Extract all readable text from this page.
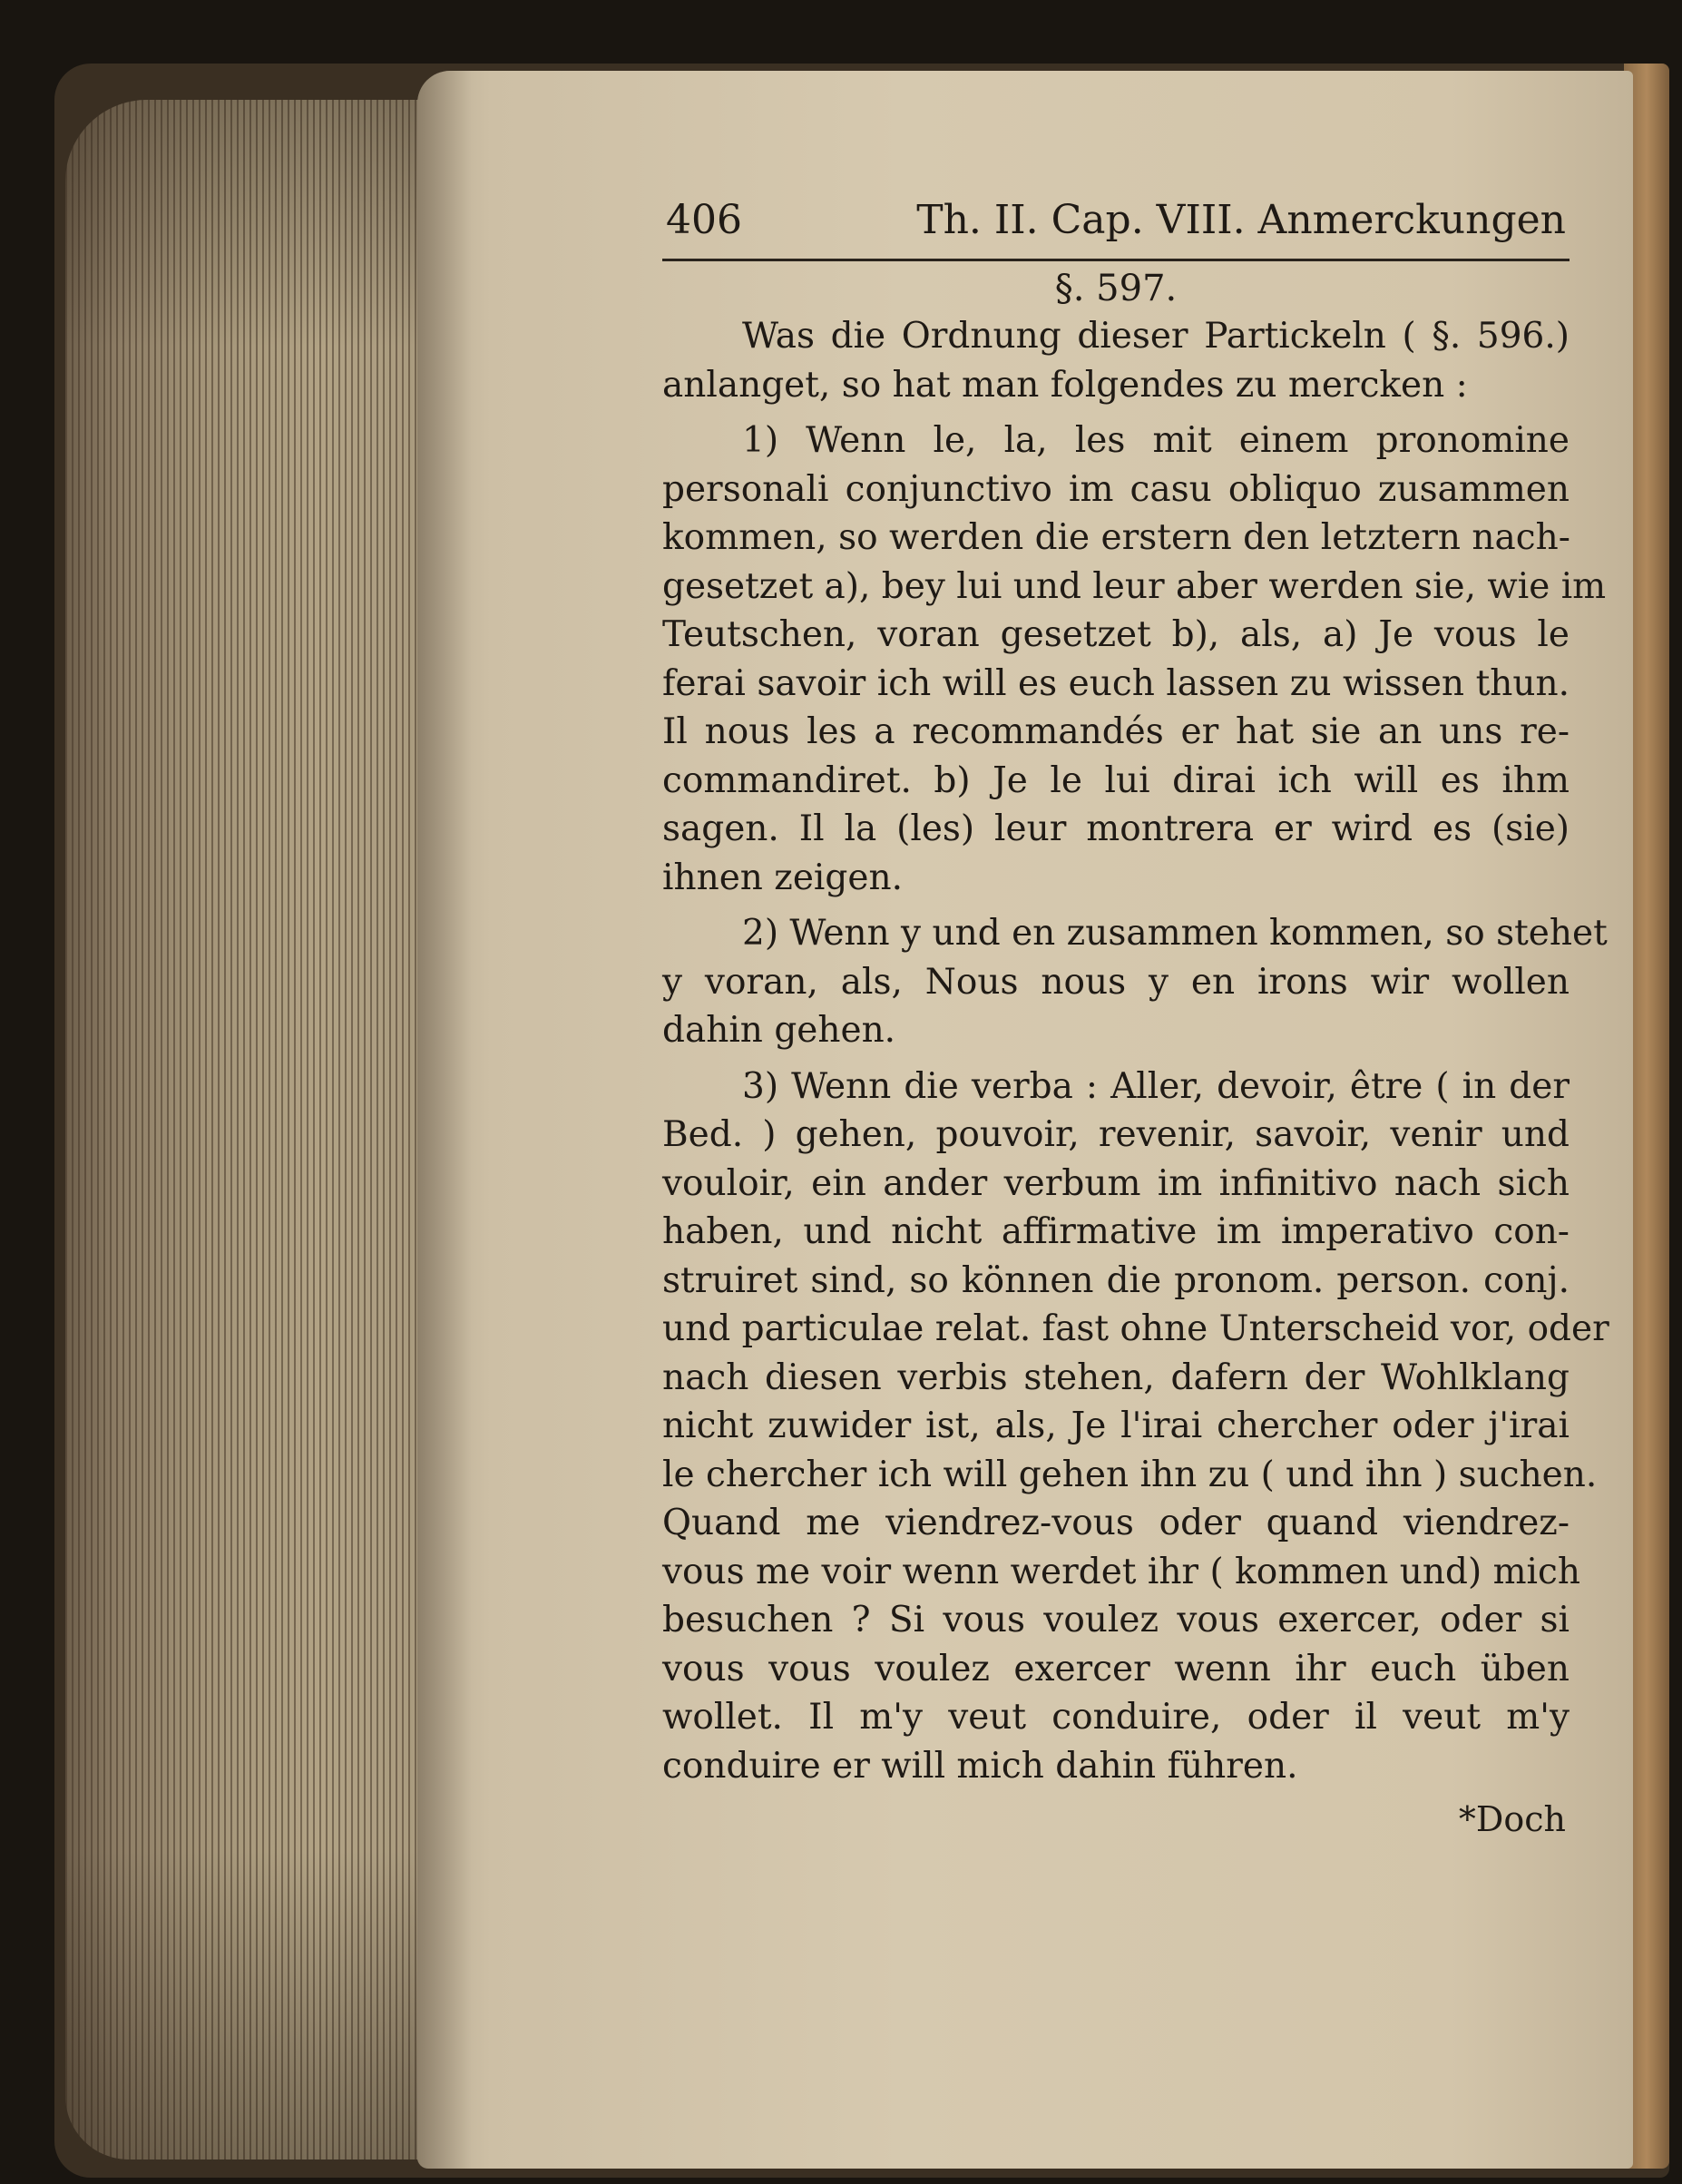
406	Th. II. Cap. VIII. Anmerckungen
§. 597.
Was die Ordnung dieser Partickeln ( §. 596.)
anlanget, so hat man folgendes zu mercken :
1) Wenn le, la, les mit einem pronomine
personali conjunctivo im casu obliquo zusammen
kommen, so werden die erstern den letztern nach-
gesetzet a), bey lui und leur aber werden sie, wie im
Teutschen, voran gesetzet b), als, a) Je vous le
ferai savoir ich will es euch lassen zu wissen thun.
Il nous les a recommandés er hat sie an uns re-
commandiret. b) Je le lui dirai ich will es ihm
sagen. Il la (les) leur montrera er wird es (sie)
ihnen zeigen.
2) Wenn y und en zusammen kommen, so stehet
y voran, als, Nous nous y en irons wir wollen
dahin gehen.
3) Wenn die verba : Aller, devoir, être ( in der
Bed. ) gehen, pouvoir, revenir, savoir, venir und
vouloir, ein ander verbum im infinitivo nach sich
haben, und nicht affirmative im imperativo con-
struiret sind, so können die pronom. person. conj.
und particulae relat. fast ohne Unterscheid vor, oder
nach diesen verbis stehen, dafern der Wohlklang
nicht zuwider ist, als, Je l'irai chercher oder j'irai
le chercher ich will gehen ihn zu ( und ihn ) suchen.
Quand me viendrez-vous oder quand viendrez-
vous me voir wenn werdet ihr ( kommen und) mich
besuchen ? Si vous voulez vous exercer, oder si
vous vous voulez exercer wenn ihr euch üben
wollet. Il m'y veut conduire, oder il veut m'y
conduire er will mich dahin führen.
*Doch
